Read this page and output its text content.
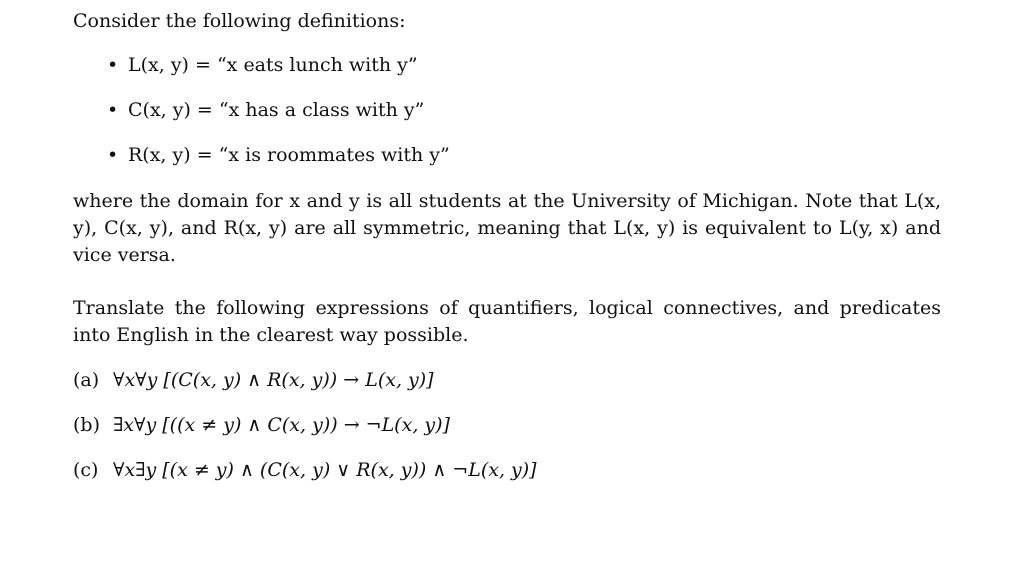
Consider the following definitions:

• L(x, y) = “x eats lunch with y”
• C(x, y) = “x has a class with y”
• R(x, y) = “x is roommates with y”

where the domain for x and y is all students at the University of Michigan. Note that L(x, y), C(x, y), and R(x, y) are all symmetric, meaning that L(x, y) is equivalent to L(y, x) and vice versa.

Translate the following expressions of quantifiers, logical connectives, and predicates into English in the clearest way possible.

(a) ∀x∀y [(C(x, y) ∧ R(x, y)) → L(x, y)]
(b) ∃x∀y [((x ≠ y) ∧ C(x, y)) → ¬L(x, y)]
(c) ∀x∃y [(x ≠ y) ∧ (C(x, y) ∨ R(x, y)) ∧ ¬L(x, y)]
